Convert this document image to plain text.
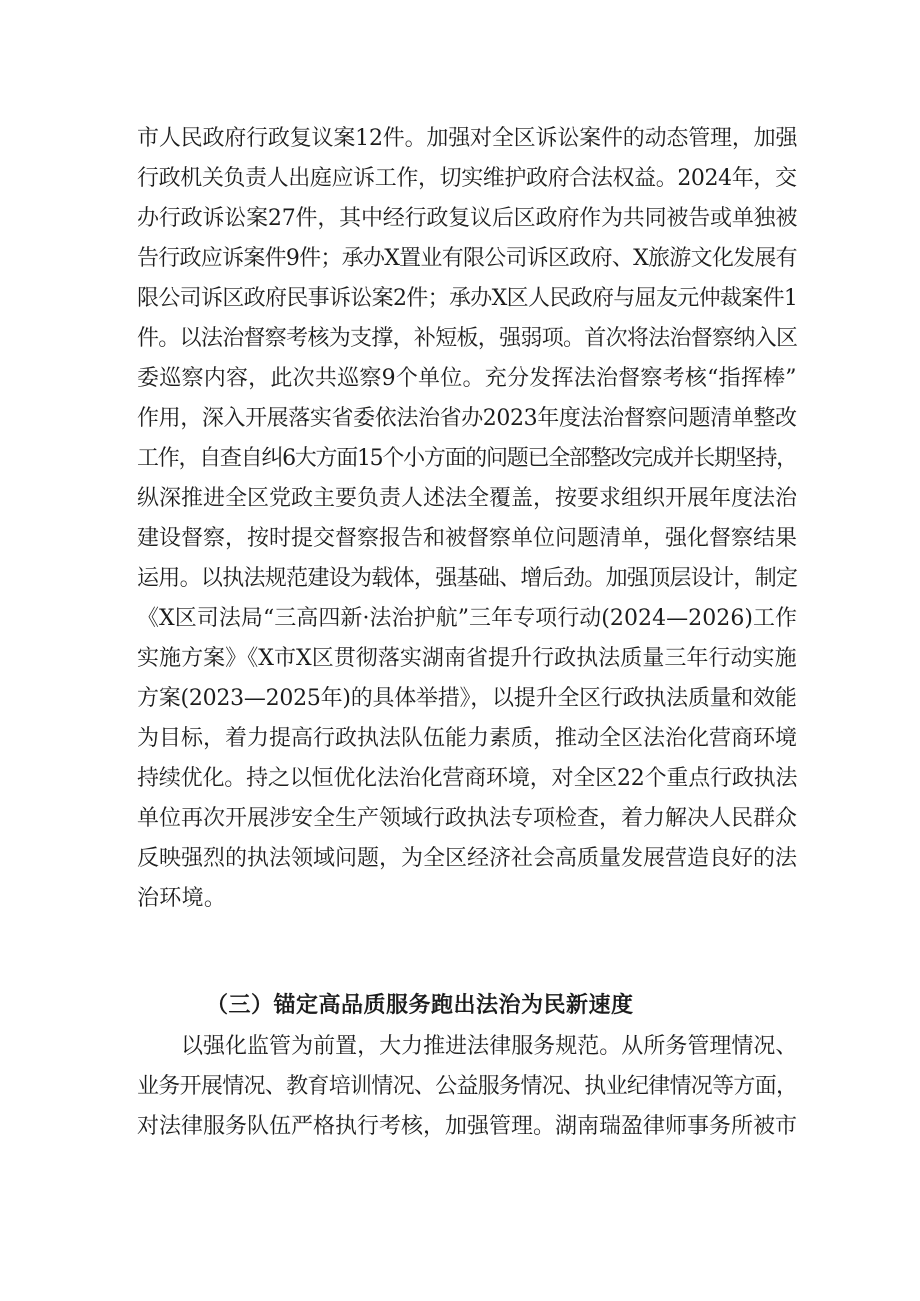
市人民政府行政复议案12件。加强对全区诉讼案件的动态管理，加强
行政机关负责人出庭应诉工作，切实维护政府合法权益。2024年，交
办行政诉讼案27件，其中经行政复议后区政府作为共同被告或单独被
告行政应诉案件9件；承办X置业有限公司诉区政府、X旅游文化发展有
限公司诉区政府民事诉讼案2件；承办X区人民政府与屈友元仲裁案件1
件。以法治督察考核为支撑，补短板，强弱项。首次将法治督察纳入区
委巡察内容，此次共巡察9个单位。充分发挥法治督察考核“指挥棒”
作用，深入开展落实省委依法治省办2023年度法治督察问题清单整改
工作，自查自纠6大方面15个小方面的问题已全部整改完成并长期坚持，
纵深推进全区党政主要负责人述法全覆盖，按要求组织开展年度法治
建设督察，按时提交督察报告和被督察单位问题清单，强化督察结果
运用。以执法规范建设为载体，强基础、增后劲。加强顶层设计，制定
《X区司法局“三高四新·法治护航”三年专项行动(2024—2026)工作
实施方案》《X市X区贯彻落实湖南省提升行政执法质量三年行动实施
方案(2023—2025年)的具体举措》，以提升全区行政执法质量和效能
为目标，着力提高行政执法队伍能力素质，推动全区法治化营商环境
持续优化。持之以恒优化法治化营商环境，对全区22个重点行政执法
单位再次开展涉安全生产领域行政执法专项检查，着力解决人民群众
反映强烈的执法领域问题，为全区经济社会高质量发展营造良好的法
治环境。
（三）锚定高品质服务跑出法治为民新速度
以强化监管为前置，大力推进法律服务规范。从所务管理情况、
业务开展情况、教育培训情况、公益服务情况、执业纪律情况等方面，
对法律服务队伍严格执行考核，加强管理。湖南瑞盈律师事务所被市
